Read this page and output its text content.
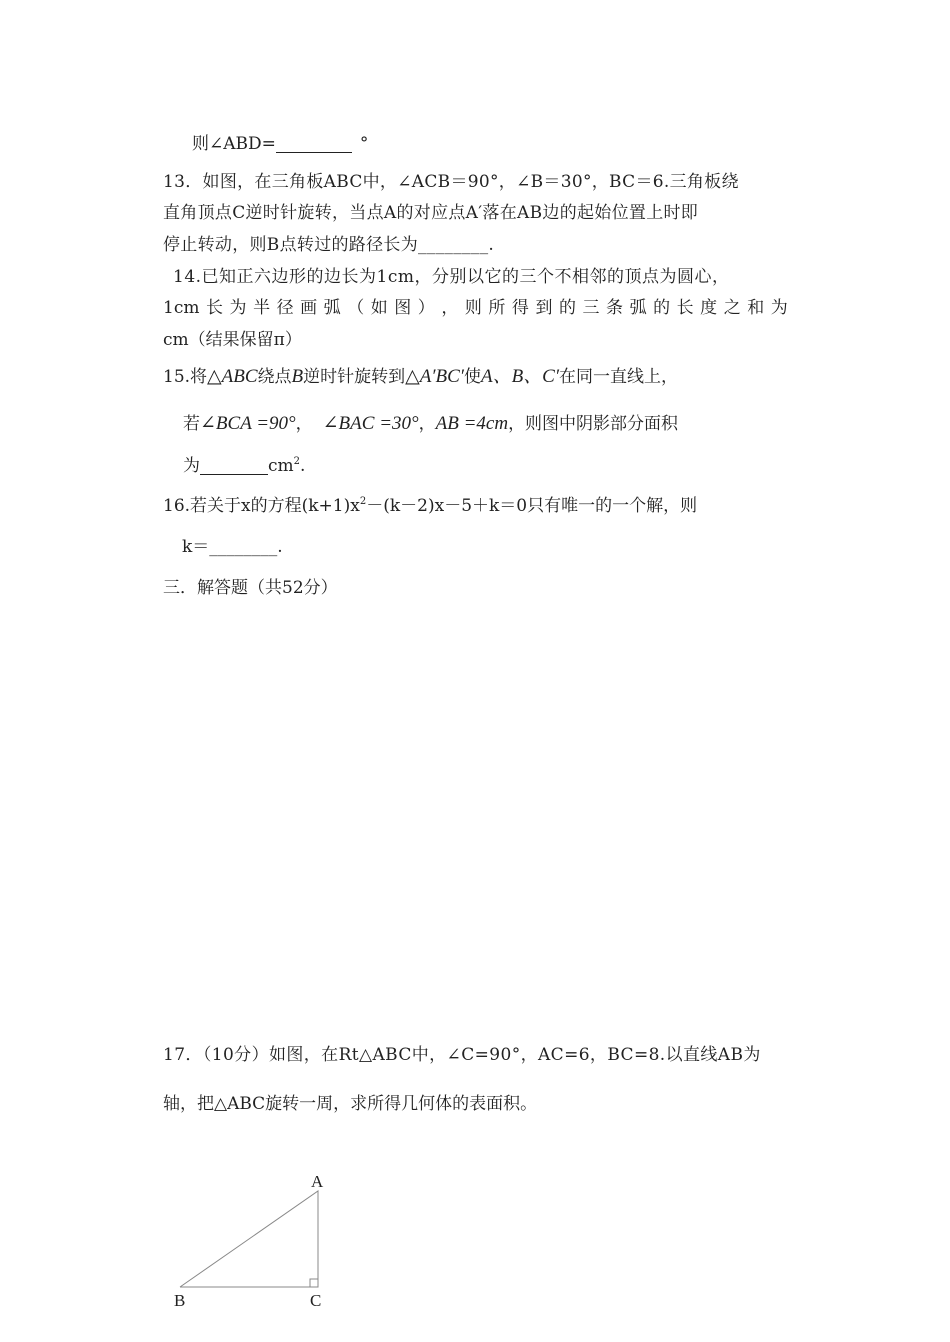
则∠ABD=	°
13．如图，在三角板ABC中，∠ACB＝90°，∠B＝30°，BC＝6.三角板绕
直角顶点C逆时针旋转，当点A的对应点A′落在AB边的起始位置上时即
停止转动，则B点转过的路径长为________.
14.已知正六边形的边长为1cm，分别以它的三个不相邻的顶点为圆心，
1cm 长 为 半 径 画 弧 （ 如 图 ） ， 则 所 得 到 的 三 条 弧 的 长 度 之 和 为
cm（结果保留π）
15.将△ABC绕点B逆时针旋转到△A′BC′使A、B、C′在同一直线上，
若∠BCA =90°， ∠BAC =30°，AB =4cm，则图中阴影部分面积
为	$cm^2$.
16.若关于x的方程$(k+1)x^2-(k-2)x-5+k=0$只有唯一的一个解，则
k＝________.
三．解答题（共52分）
17．（10分）如图，在Rt△ABC中，∠C=90°，AC=6，BC=8.以直线AB为
轴，把△ABC旋转一周，求所得几何体的表面积。
A
B	C
